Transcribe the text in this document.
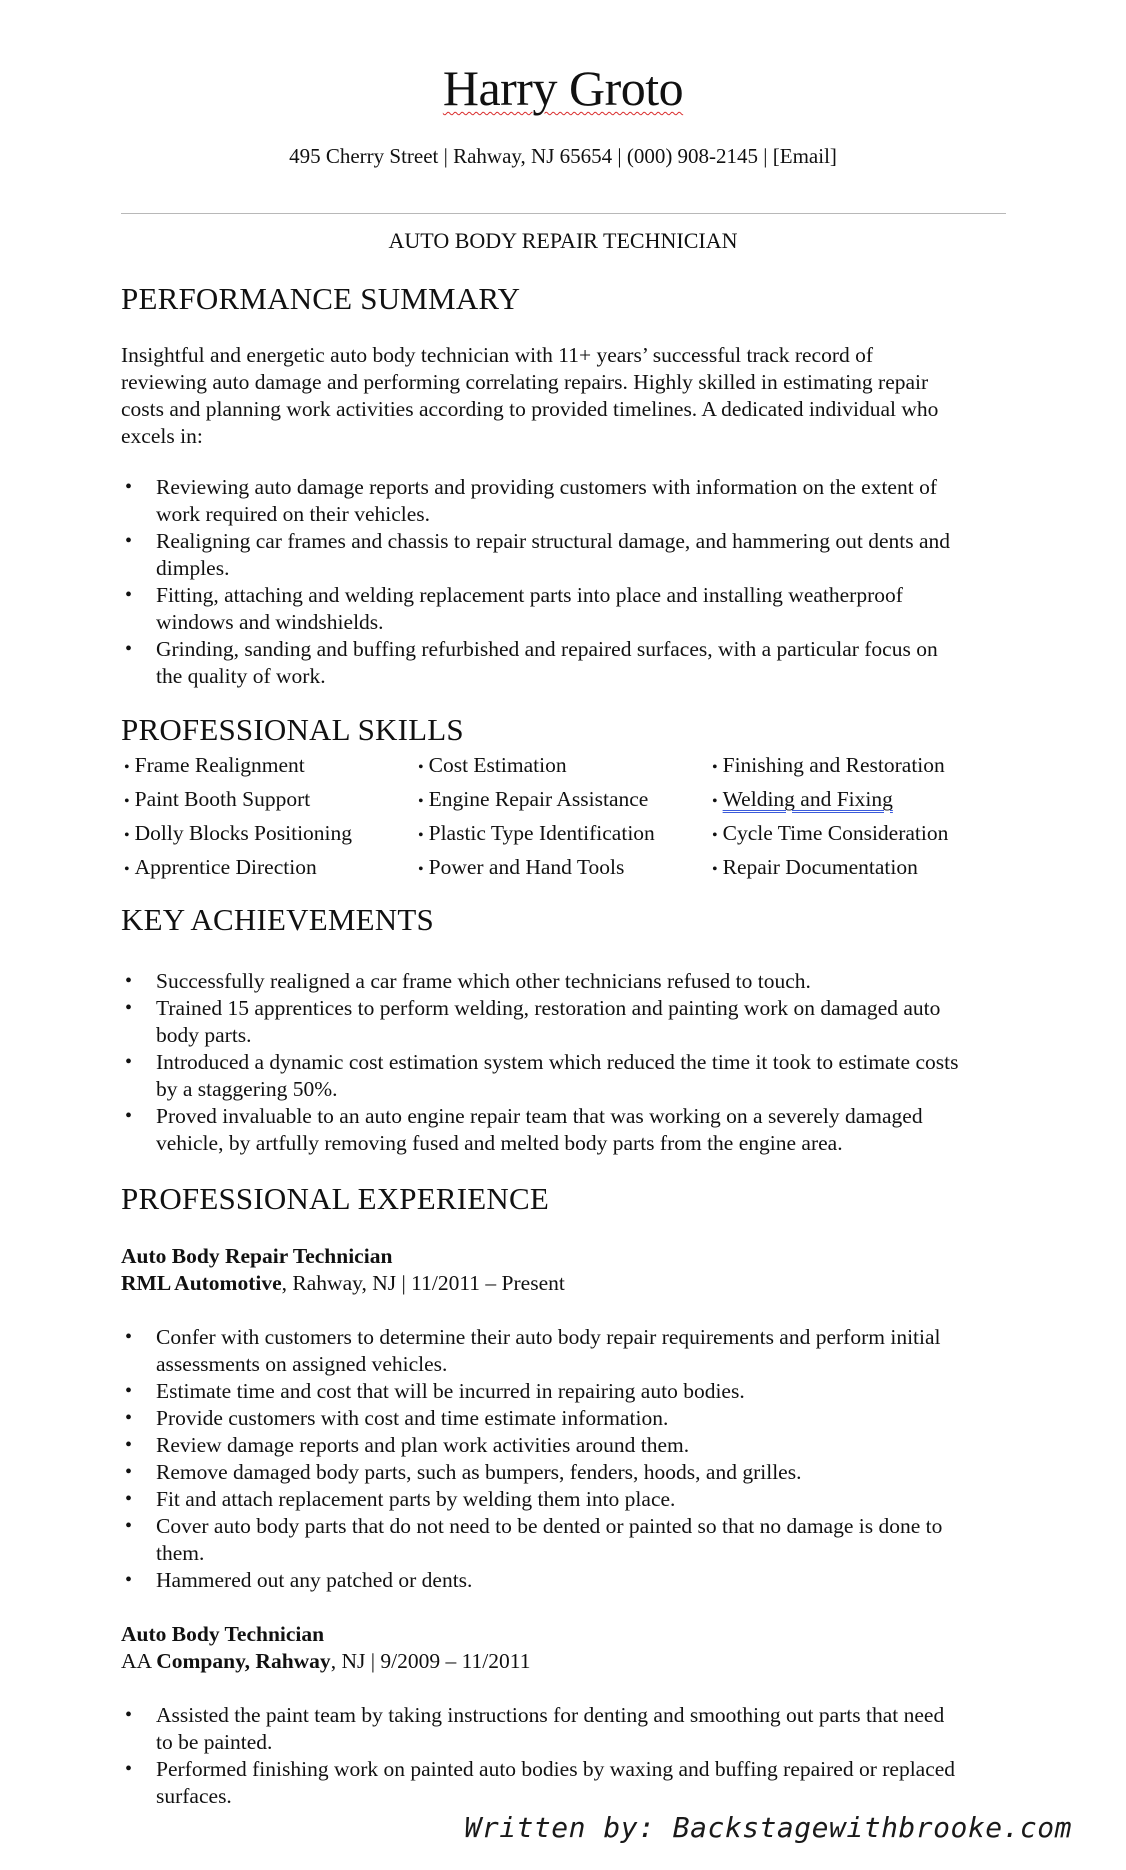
Harry Groto
495 Cherry Street | Rahway, NJ 65654 | (000) 908-2145 | [Email]
AUTO BODY REPAIR TECHNICIAN
PERFORMANCE SUMMARY
Insightful and energetic auto body technician with 11+ years’ successful track record of
reviewing auto damage and performing correlating repairs. Highly skilled in estimating repair
costs and planning work activities according to provided timelines. A dedicated individual who
excels in:
• Reviewing auto damage reports and providing customers with information on the extent of
work required on their vehicles.
• Realigning car frames and chassis to repair structural damage, and hammering out dents and
dimples.
• Fitting, attaching and welding replacement parts into place and installing weatherproof
windows and windshields.
• Grinding, sanding and buffing refurbished and repaired surfaces, with a particular focus on
the quality of work.
PROFESSIONAL SKILLS
• Frame Realignment	• Cost Estimation	• Finishing and Restoration
• Paint Booth Support	• Engine Repair Assistance	• Welding and Fixing
• Dolly Blocks Positioning	• Plastic Type Identification	• Cycle Time Consideration
• Apprentice Direction	• Power and Hand Tools	• Repair Documentation
KEY ACHIEVEMENTS
• Successfully realigned a car frame which other technicians refused to touch.
• Trained 15 apprentices to perform welding, restoration and painting work on damaged auto
body parts.
• Introduced a dynamic cost estimation system which reduced the time it took to estimate costs
by a staggering 50%.
• Proved invaluable to an auto engine repair team that was working on a severely damaged
vehicle, by artfully removing fused and melted body parts from the engine area.
PROFESSIONAL EXPERIENCE
Auto Body Repair Technician
RML Automotive, Rahway, NJ | 11/2011 – Present
• Confer with customers to determine their auto body repair requirements and perform initial
assessments on assigned vehicles.
• Estimate time and cost that will be incurred in repairing auto bodies.
• Provide customers with cost and time estimate information.
• Review damage reports and plan work activities around them.
• Remove damaged body parts, such as bumpers, fenders, hoods, and grilles.
• Fit and attach replacement parts by welding them into place.
• Cover auto body parts that do not need to be dented or painted so that no damage is done to
them.
• Hammered out any patched or dents.
Auto Body Technician
AA Company, Rahway, NJ | 9/2009 – 11/2011
• Assisted the paint team by taking instructions for denting and smoothing out parts that need
to be painted.
• Performed finishing work on painted auto bodies by waxing and buffing repaired or replaced
surfaces.
Written by: Backstagewithbrooke.com
